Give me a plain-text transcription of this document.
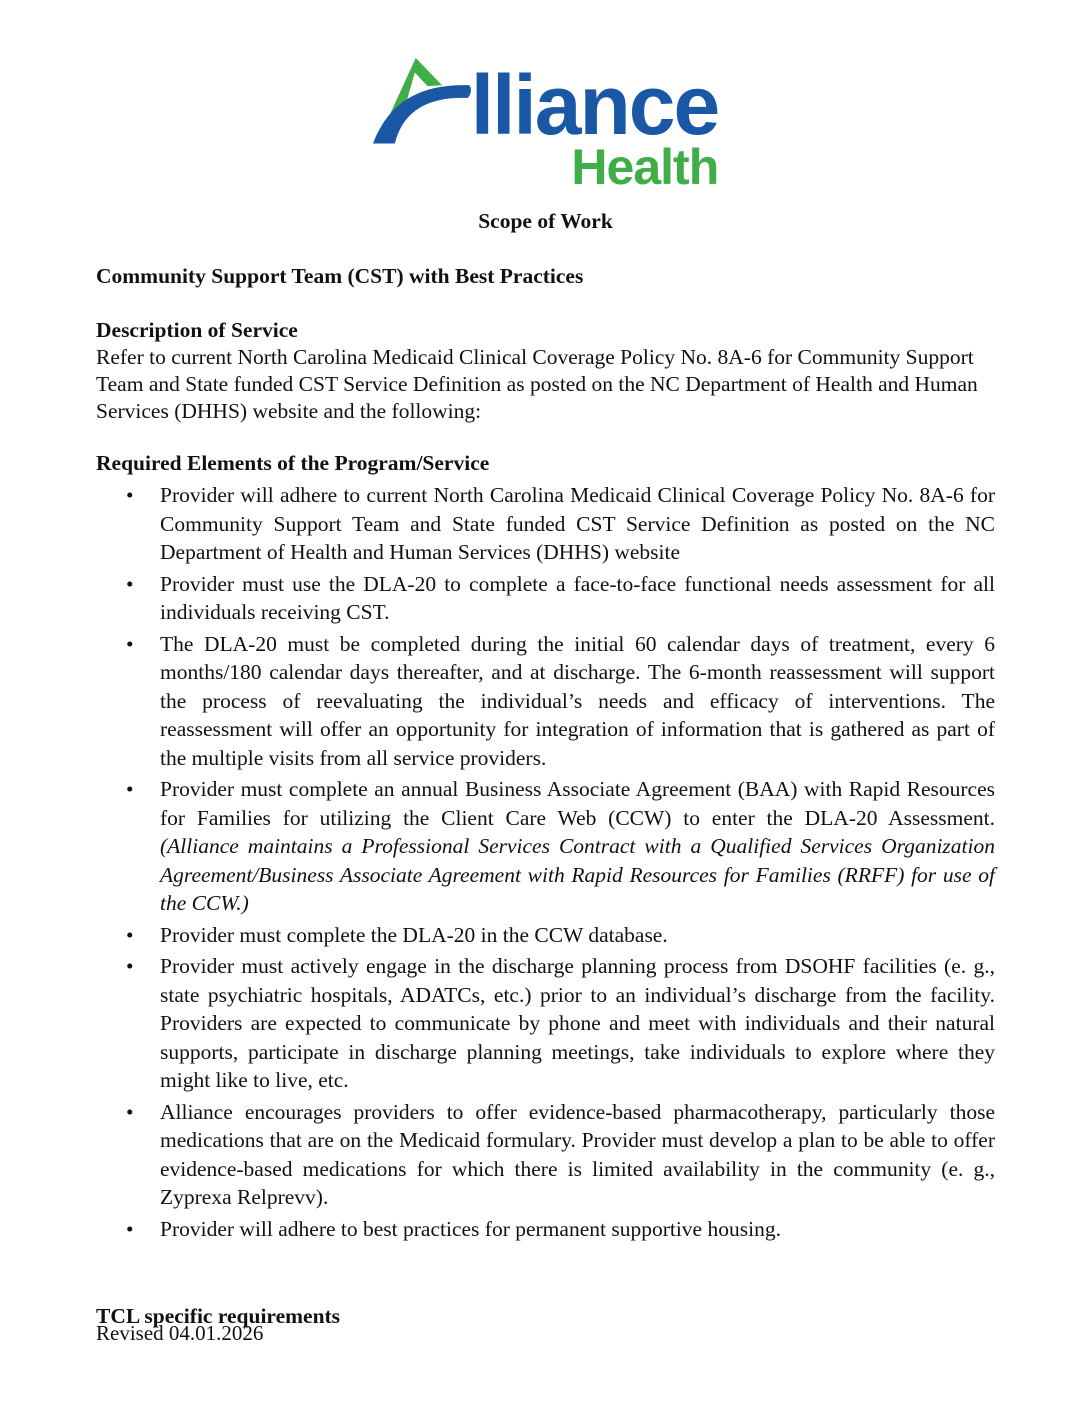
lliance
Health
Scope of Work
Community Support Team (CST) with Best Practices
Description of Service
Refer to current North Carolina Medicaid Clinical Coverage Policy No. 8A-6 for Community Support Team and State funded CST Service Definition as posted on the NC Department of Health and Human Services (DHHS) website and the following:
Required Elements of the Program/Service
• Provider will adhere to current North Carolina Medicaid Clinical Coverage Policy No. 8A-6 for Community Support Team and State funded CST Service Definition as posted on the NC Department of Health and Human Services (DHHS) website
• Provider must use the DLA-20 to complete a face-to-face functional needs assessment for all individuals receiving CST.
• The DLA-20 must be completed during the initial 60 calendar days of treatment, every 6 months/180 calendar days thereafter, and at discharge. The 6-month reassessment will support the process of reevaluating the individual’s needs and efficacy of interventions. The reassessment will offer an opportunity for integration of information that is gathered as part of the multiple visits from all service providers.
• Provider must complete an annual Business Associate Agreement (BAA) with Rapid Resources for Families for utilizing the Client Care Web (CCW) to enter the DLA-20 Assessment. (Alliance maintains a Professional Services Contract with a Qualified Services Organization Agreement/Business Associate Agreement with Rapid Resources for Families (RRFF) for use of the CCW.)
• Provider must complete the DLA-20 in the CCW database.
• Provider must actively engage in the discharge planning process from DSOHF facilities (e. g., state psychiatric hospitals, ADATCs, etc.) prior to an individual’s discharge from the facility. Providers are expected to communicate by phone and meet with individuals and their natural supports, participate in discharge planning meetings, take individuals to explore where they might like to live, etc.
• Alliance encourages providers to offer evidence-based pharmacotherapy, particularly those medications that are on the Medicaid formulary. Provider must develop a plan to be able to offer evidence-based medications for which there is limited availability in the community (e. g., Zyprexa Relprevv).
• Provider will adhere to best practices for permanent supportive housing.
TCL specific requirements
Revised 04.01.2026
